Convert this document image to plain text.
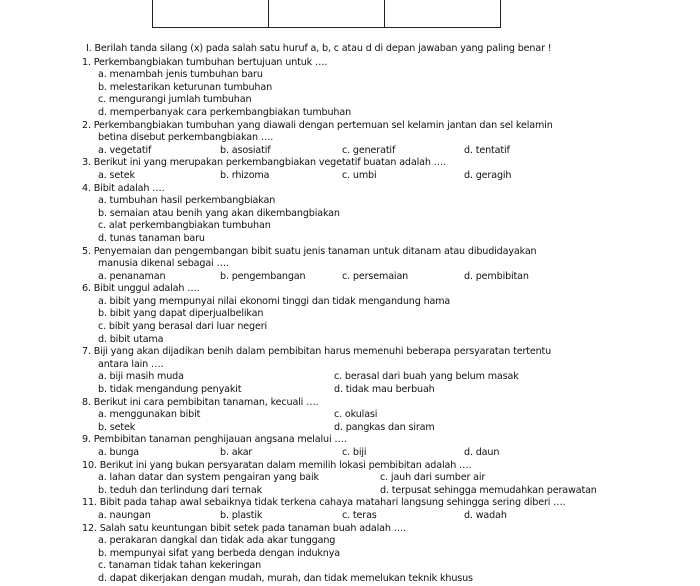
I. Berilah tanda silang (x) pada salah satu huruf a, b, c atau d di depan jawaban yang paling benar !
1. Perkembangbiakan tumbuhan bertujuan untuk ….
a. menambah jenis tumbuhan baru
b. melestarikan keturunan tumbuhan
c. mengurangi jumlah tumbuhan
d. memperbanyak cara perkembangbiakan tumbuhan
2. Perkembangbiakan tumbuhan yang diawali dengan pertemuan sel kelamin jantan dan sel kelamin
betina disebut perkembangbiakan ….
a. vegetatif	b. asosiatif	c. generatif	d. tentatif
3. Berikut ini yang merupakan perkembangbiakan vegetatif buatan adalah ….
a. setek	b. rhizoma	c. umbi	d. geragih
4. Bibit adalah ….
a. tumbuhan hasil perkembangbiakan
b. semaian atau benih yang akan dikembangbiakan
c. alat perkembangbiakan tumbuhan
d. tunas tanaman baru
5. Penyemaian dan pengembangan bibit suatu jenis tanaman untuk ditanam atau dibudidayakan
manusia dikenal sebagai ….
a. penanaman	b. pengembangan	c. persemaian	d. pembibitan
6. Bibit unggul adalah ….
a. bibit yang mempunyai nilai ekonomi tinggi dan tidak mengandung hama
b. bibit yang dapat diperjualbelikan
c. bibit yang berasal dari luar negeri
d. bibit utama
7. Biji yang akan dijadikan benih dalam pembibitan harus memenuhi beberapa persyaratan tertentu
antara lain ….
a. biji masih muda	c. berasal dari buah yang belum masak
b. tidak mengandung penyakit	d. tidak mau berbuah
8. Berikut ini cara pembibitan tanaman, kecuali ….
a. menggunakan bibit	c. okulasi
b. setek	d. pangkas dan siram
9. Pembibitan tanaman penghijauan angsana melalui ….
a. bunga	b. akar	c. biji	d. daun
10. Berikut ini yang bukan persyaratan dalam memilih lokasi pembibitan adalah ….
a. lahan datar dan system pengairan yang baik	c. jauh dari sumber air
b. teduh dan terlindung dari ternak	d. terpusat sehingga memudahkan perawatan
11. Bibit pada tahap awal sebaiknya tidak terkena cahaya matahari langsung sehingga sering diberi ….
a. naungan	b. plastik	c. teras	d. wadah
12. Salah satu keuntungan bibit setek pada tanaman buah adalah ….
a. perakaran dangkal dan tidak ada akar tunggang
b. mempunyai sifat yang berbeda dengan induknya
c. tanaman tidak tahan kekeringan
d. dapat dikerjakan dengan mudah, murah, dan tidak memelukan teknik khusus
